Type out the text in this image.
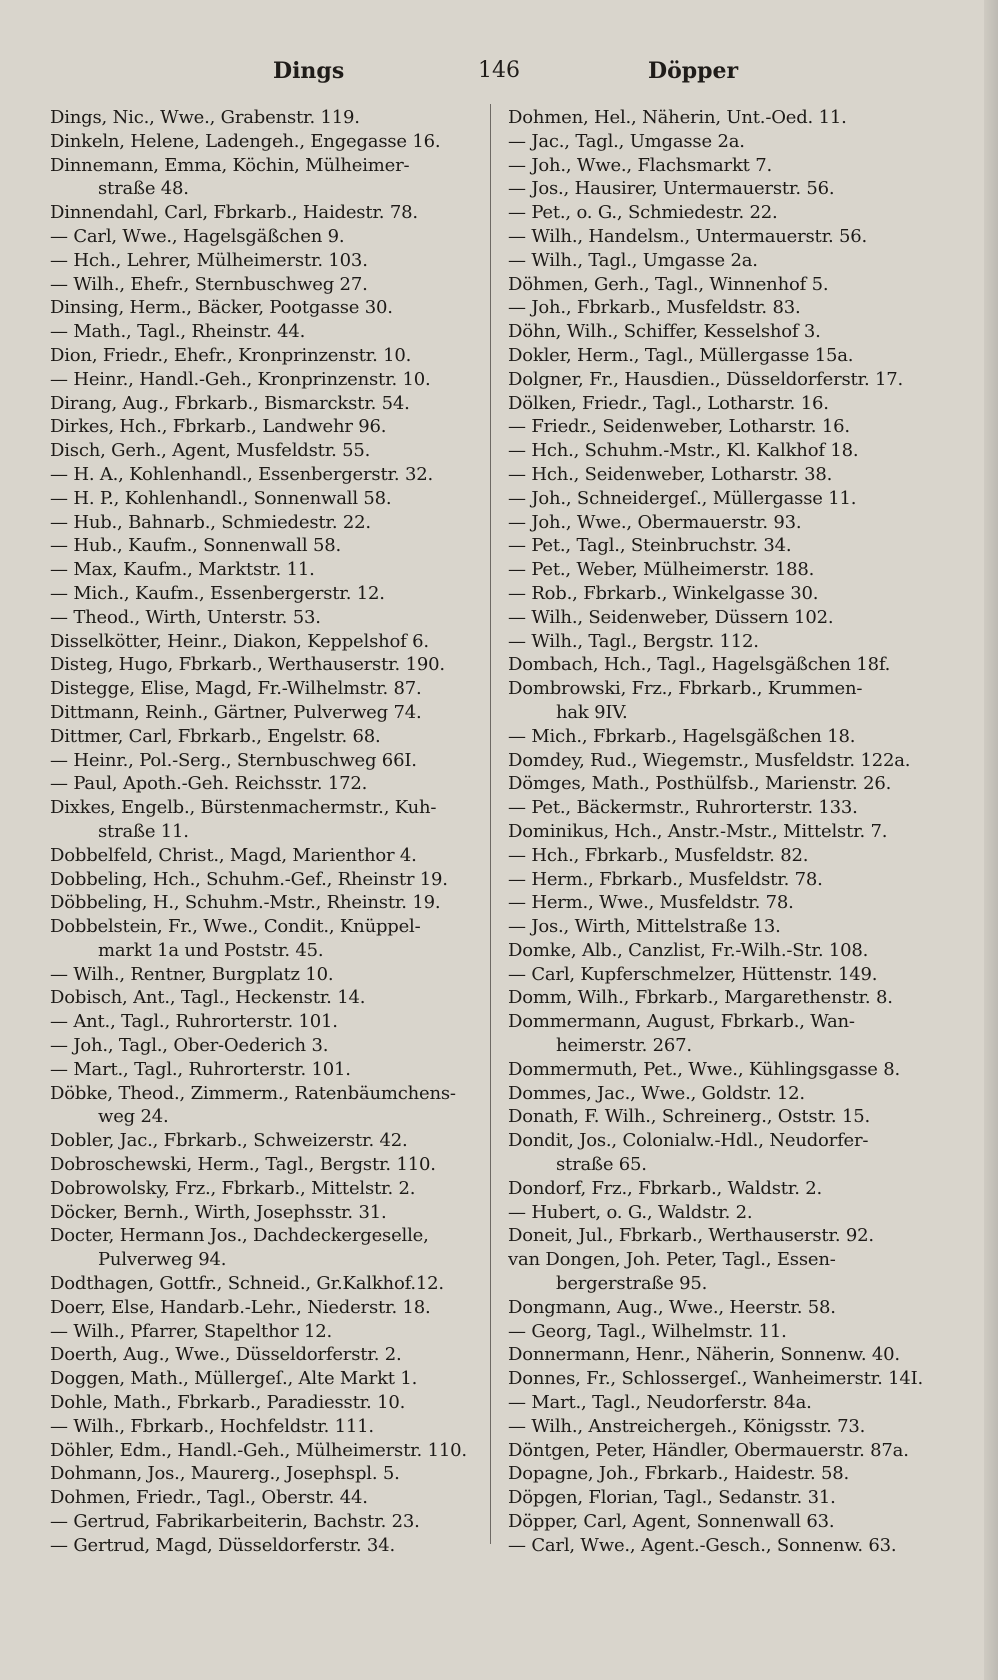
Dings	146	Döpper
Dings, Nic., Wwe., Grabenstr. 119.
Dinkeln, Helene, Ladengeh., Engegasse 16.
Dinnemann, Emma, Köchin, Mülheimer-
straße 48.
Dinnendahl, Carl, Fbrkarb., Haidestr. 78.
— Carl, Wwe., Hagelsgäßchen 9.
— Hch., Lehrer, Mülheimerstr. 103.
— Wilh., Ehefr., Sternbuschweg 27.
Dinsing, Herm., Bäcker, Pootgasse 30.
— Math., Tagl., Rheinstr. 44.
Dion, Friedr., Ehefr., Kronprinzenstr. 10.
— Heinr., Handl.-Geh., Kronprinzenstr. 10.
Dirang, Aug., Fbrkarb., Bismarckstr. 54.
Dirkes, Hch., Fbrkarb., Landwehr 96.
Disch, Gerh., Agent, Musfeldstr. 55.
— H. A., Kohlenhandl., Essenbergerstr. 32.
— H. P., Kohlenhandl., Sonnenwall 58.
— Hub., Bahnarb., Schmiedestr. 22.
— Hub., Kaufm., Sonnenwall 58.
— Max, Kaufm., Marktstr. 11.
— Mich., Kaufm., Essenbergerstr. 12.
— Theod., Wirth, Unterstr. 53.
Disselkötter, Heinr., Diakon, Keppelshof 6.
Disteg, Hugo, Fbrkarb., Werthauserstr. 190.
Distegge, Elise, Magd, Fr.-Wilhelmstr. 87.
Dittmann, Reinh., Gärtner, Pulverweg 74.
Dittmer, Carl, Fbrkarb., Engelstr. 68.
— Heinr., Pol.-Serg., Sternbuschweg 66I.
— Paul, Apoth.-Geh. Reichsstr. 172.
Dixkes, Engelb., Bürstenmachermstr., Kuh-
straße 11.
Dobbelfeld, Christ., Magd, Marienthor 4.
Dobbeling, Hch., Schuhm.-Gef., Rheinstr 19.
Döbbeling, H., Schuhm.-Mstr., Rheinstr. 19.
Dobbelstein, Fr., Wwe., Condit., Knüppel-
markt 1a und Poststr. 45.
— Wilh., Rentner, Burgplatz 10.
Dobisch, Ant., Tagl., Heckenstr. 14.
— Ant., Tagl., Ruhrorterstr. 101.
— Joh., Tagl., Ober-Oederich 3.
— Mart., Tagl., Ruhrorterstr. 101.
Döbke, Theod., Zimmerm., Ratenbäumchens-
weg 24.
Dobler, Jac., Fbrkarb., Schweizerstr. 42.
Dobroschewski, Herm., Tagl., Bergstr. 110.
Dobrowolsky, Frz., Fbrkarb., Mittelstr. 2.
Döcker, Bernh., Wirth, Josephsstr. 31.
Docter, Hermann Jos., Dachdeckergeselle,
Pulverweg 94.
Dodthagen, Gottfr., Schneid., Gr.Kalkhof.12.
Doerr, Else, Handarb.-Lehr., Niederstr. 18.
— Wilh., Pfarrer, Stapelthor 12.
Doerth, Aug., Wwe., Düsseldorferstr. 2.
Doggen, Math., Müllergeſ., Alte Markt 1.
Dohle, Math., Fbrkarb., Paradiesstr. 10.
— Wilh., Fbrkarb., Hochfeldstr. 111.
Döhler, Edm., Handl.-Geh., Mülheimerstr. 110.
Dohmann, Jos., Maurerg., Josephspl. 5.
Dohmen, Friedr., Tagl., Oberstr. 44.
— Gertrud, Fabrikarbeiterin, Bachstr. 23.
— Gertrud, Magd, Düsseldorferstr. 34.
Dohmen, Hel., Näherin, Unt.-Oed. 11.
— Jac., Tagl., Umgasse 2a.
— Joh., Wwe., Flachsmarkt 7.
— Jos., Hausirer, Untermauerstr. 56.
— Pet., o. G., Schmiedestr. 22.
— Wilh., Handelsm., Untermauerstr. 56.
— Wilh., Tagl., Umgasse 2a.
Döhmen, Gerh., Tagl., Winnenhof 5.
— Joh., Fbrkarb., Musfeldstr. 83.
Döhn, Wilh., Schiffer, Kesselshof 3.
Dokler, Herm., Tagl., Müllergasse 15a.
Dolgner, Fr., Hausdien., Düsseldorferstr. 17.
Dölken, Friedr., Tagl., Lotharstr. 16.
— Friedr., Seidenweber, Lotharstr. 16.
— Hch., Schuhm.-Mstr., Kl. Kalkhof 18.
— Hch., Seidenweber, Lotharstr. 38.
— Joh., Schneidergeſ., Müllergasse 11.
— Joh., Wwe., Obermauerstr. 93.
— Pet., Tagl., Steinbruchstr. 34.
— Pet., Weber, Mülheimerstr. 188.
— Rob., Fbrkarb., Winkelgasse 30.
— Wilh., Seidenweber, Düssern 102.
— Wilh., Tagl., Bergstr. 112.
Dombach, Hch., Tagl., Hagelsgäßchen 18f.
Dombrowski, Frz., Fbrkarb., Krummen-
hak 9IV.
— Mich., Fbrkarb., Hagelsgäßchen 18.
Domdey, Rud., Wiegemstr., Musfeldstr. 122a.
Dömges, Math., Posthülfsb., Marienstr. 26.
— Pet., Bäckermstr., Ruhrorterstr. 133.
Dominikus, Hch., Anstr.-Mstr., Mittelstr. 7.
— Hch., Fbrkarb., Musfeldstr. 82.
— Herm., Fbrkarb., Musfeldstr. 78.
— Herm., Wwe., Musfeldstr. 78.
— Jos., Wirth, Mittelstraße 13.
Domke, Alb., Canzlist, Fr.-Wilh.-Str. 108.
— Carl, Kupferschmelzer, Hüttenstr. 149.
Domm, Wilh., Fbrkarb., Margarethenstr. 8.
Dommermann, August, Fbrkarb., Wan-
heimerstr. 267.
Dommermuth, Pet., Wwe., Kühlingsgasse 8.
Dommes, Jac., Wwe., Goldstr. 12.
Donath, F. Wilh., Schreinerg., Oststr. 15.
Dondit, Jos., Colonialw.-Hdl., Neudorfer-
straße 65.
Dondorf, Frz., Fbrkarb., Waldstr. 2.
— Hubert, o. G., Waldstr. 2.
Doneit, Jul., Fbrkarb., Werthauserstr. 92.
van Dongen, Joh. Peter, Tagl., Essen-
bergerstraße 95.
Dongmann, Aug., Wwe., Heerstr. 58.
— Georg, Tagl., Wilhelmstr. 11.
Donnermann, Henr., Näherin, Sonnenw. 40.
Donnes, Fr., Schlossergeſ., Wanheimerstr. 14I.
— Mart., Tagl., Neudorferstr. 84a.
— Wilh., Anstreichergeh., Königsstr. 73.
Döntgen, Peter, Händler, Obermauerstr. 87a.
Dopagne, Joh., Fbrkarb., Haidestr. 58.
Döpgen, Florian, Tagl., Sedanstr. 31.
Döpper, Carl, Agent, Sonnenwall 63.
— Carl, Wwe., Agent.-Gesch., Sonnenw. 63.
